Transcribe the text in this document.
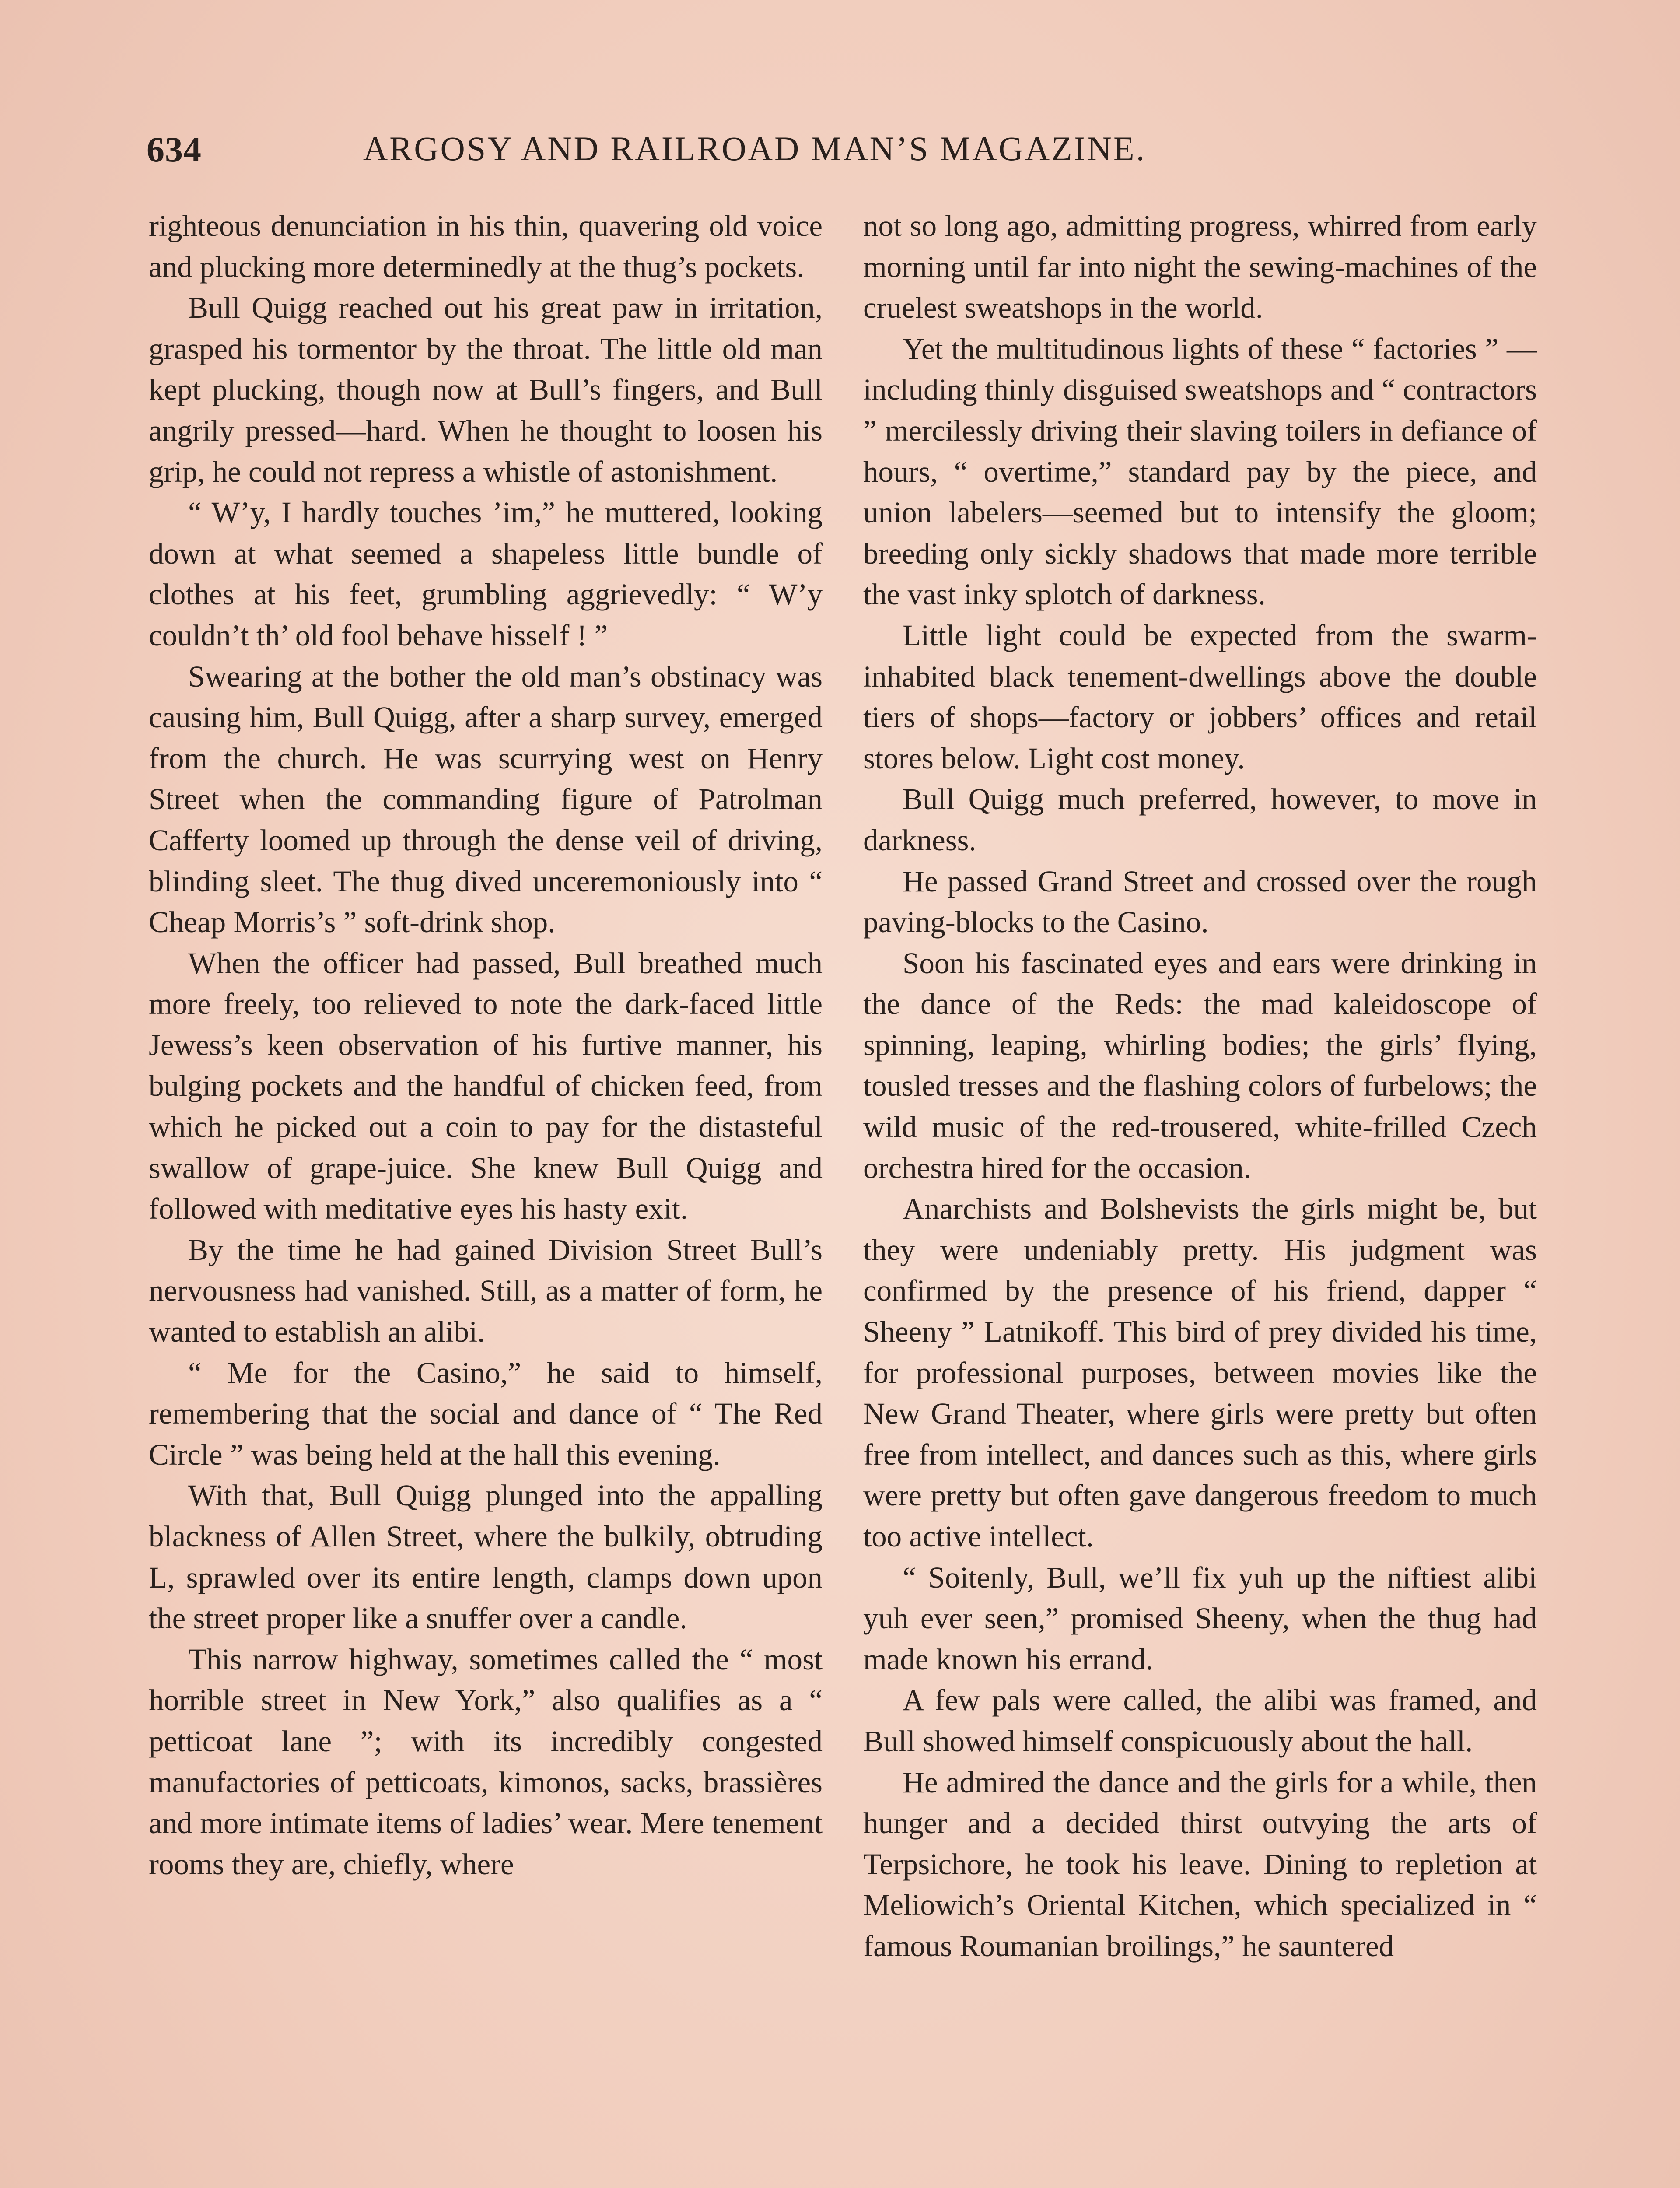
634	ARGOSY AND RAILROAD MAN’S MAGAZINE.

righteous denunciation in his thin, quavering old voice and plucking more determinedly at the thug’s pockets.

Bull Quigg reached out his great paw in irritation, grasped his tormentor by the throat. The little old man kept plucking, though now at Bull’s fingers, and Bull angrily pressed—hard. When he thought to loosen his grip, he could not repress a whistle of astonishment.

“ W’y, I hardly touches ’im,” he muttered, looking down at what seemed a shapeless little bundle of clothes at his feet, grumbling aggrievedly: “ W’y couldn’t th’ old fool behave hisself ! ”

Swearing at the bother the old man’s obstinacy was causing him, Bull Quigg, after a sharp survey, emerged from the church. He was scurrying west on Henry Street when the commanding figure of Patrolman Cafferty loomed up through the dense veil of driving, blinding sleet. The thug dived unceremoniously into “ Cheap Morris’s ” soft-drink shop.

When the officer had passed, Bull breathed much more freely, too relieved to note the dark-faced little Jewess’s keen observation of his furtive manner, his bulging pockets and the handful of chicken feed, from which he picked out a coin to pay for the distasteful swallow of grape-juice. She knew Bull Quigg and followed with meditative eyes his hasty exit.

By the time he had gained Division Street Bull’s nervousness had vanished. Still, as a matter of form, he wanted to establish an alibi.

“ Me for the Casino,” he said to himself, remembering that the social and dance of “ The Red Circle ” was being held at the hall this evening.

With that, Bull Quigg plunged into the appalling blackness of Allen Street, where the bulkily, obtruding L, sprawled over its entire length, clamps down upon the street proper like a snuffer over a candle.

This narrow highway, sometimes called the “ most horrible street in New York,” also qualifies as a “ petticoat lane ”; with its incredibly congested manufactories of petticoats, kimonos, sacks, brassières and more intimate items of ladies’ wear. Mere tenement rooms they are, chiefly, where

not so long ago, admitting progress, whirred from early morning until far into night the sewing-machines of the cruelest sweatshops in the world.

Yet the multitudinous lights of these “ factories ” — including thinly disguised sweatshops and “ contractors ” mercilessly driving their slaving toilers in defiance of hours, “ overtime,” standard pay by the piece, and union labelers—seemed but to intensify the gloom; breeding only sickly shadows that made more terrible the vast inky splotch of darkness.

Little light could be expected from the swarm-inhabited black tenement-dwellings above the double tiers of shops—factory or jobbers’ offices and retail stores below. Light cost money.

Bull Quigg much preferred, however, to move in darkness.

He passed Grand Street and crossed over the rough paving-blocks to the Casino.

Soon his fascinated eyes and ears were drinking in the dance of the Reds: the mad kaleidoscope of spinning, leaping, whirling bodies; the girls’ flying, tousled tresses and the flashing colors of furbelows; the wild music of the red-trousered, white-frilled Czech orchestra hired for the occasion.

Anarchists and Bolshevists the girls might be, but they were undeniably pretty. His judgment was confirmed by the presence of his friend, dapper “ Sheeny ” Latnikoff. This bird of prey divided his time, for professional purposes, between movies like the New Grand Theater, where girls were pretty but often free from intellect, and dances such as this, where girls were pretty but often gave dangerous freedom to much too active intellect.

“ Soitenly, Bull, we’ll fix yuh up the niftiest alibi yuh ever seen,” promised Sheeny, when the thug had made known his errand.

A few pals were called, the alibi was framed, and Bull showed himself conspicuously about the hall.

He admired the dance and the girls for a while, then hunger and a decided thirst outvying the arts of Terpsichore, he took his leave. Dining to repletion at Meliowich’s Oriental Kitchen, which specialized in “ famous Roumanian broilings,” he sauntered
